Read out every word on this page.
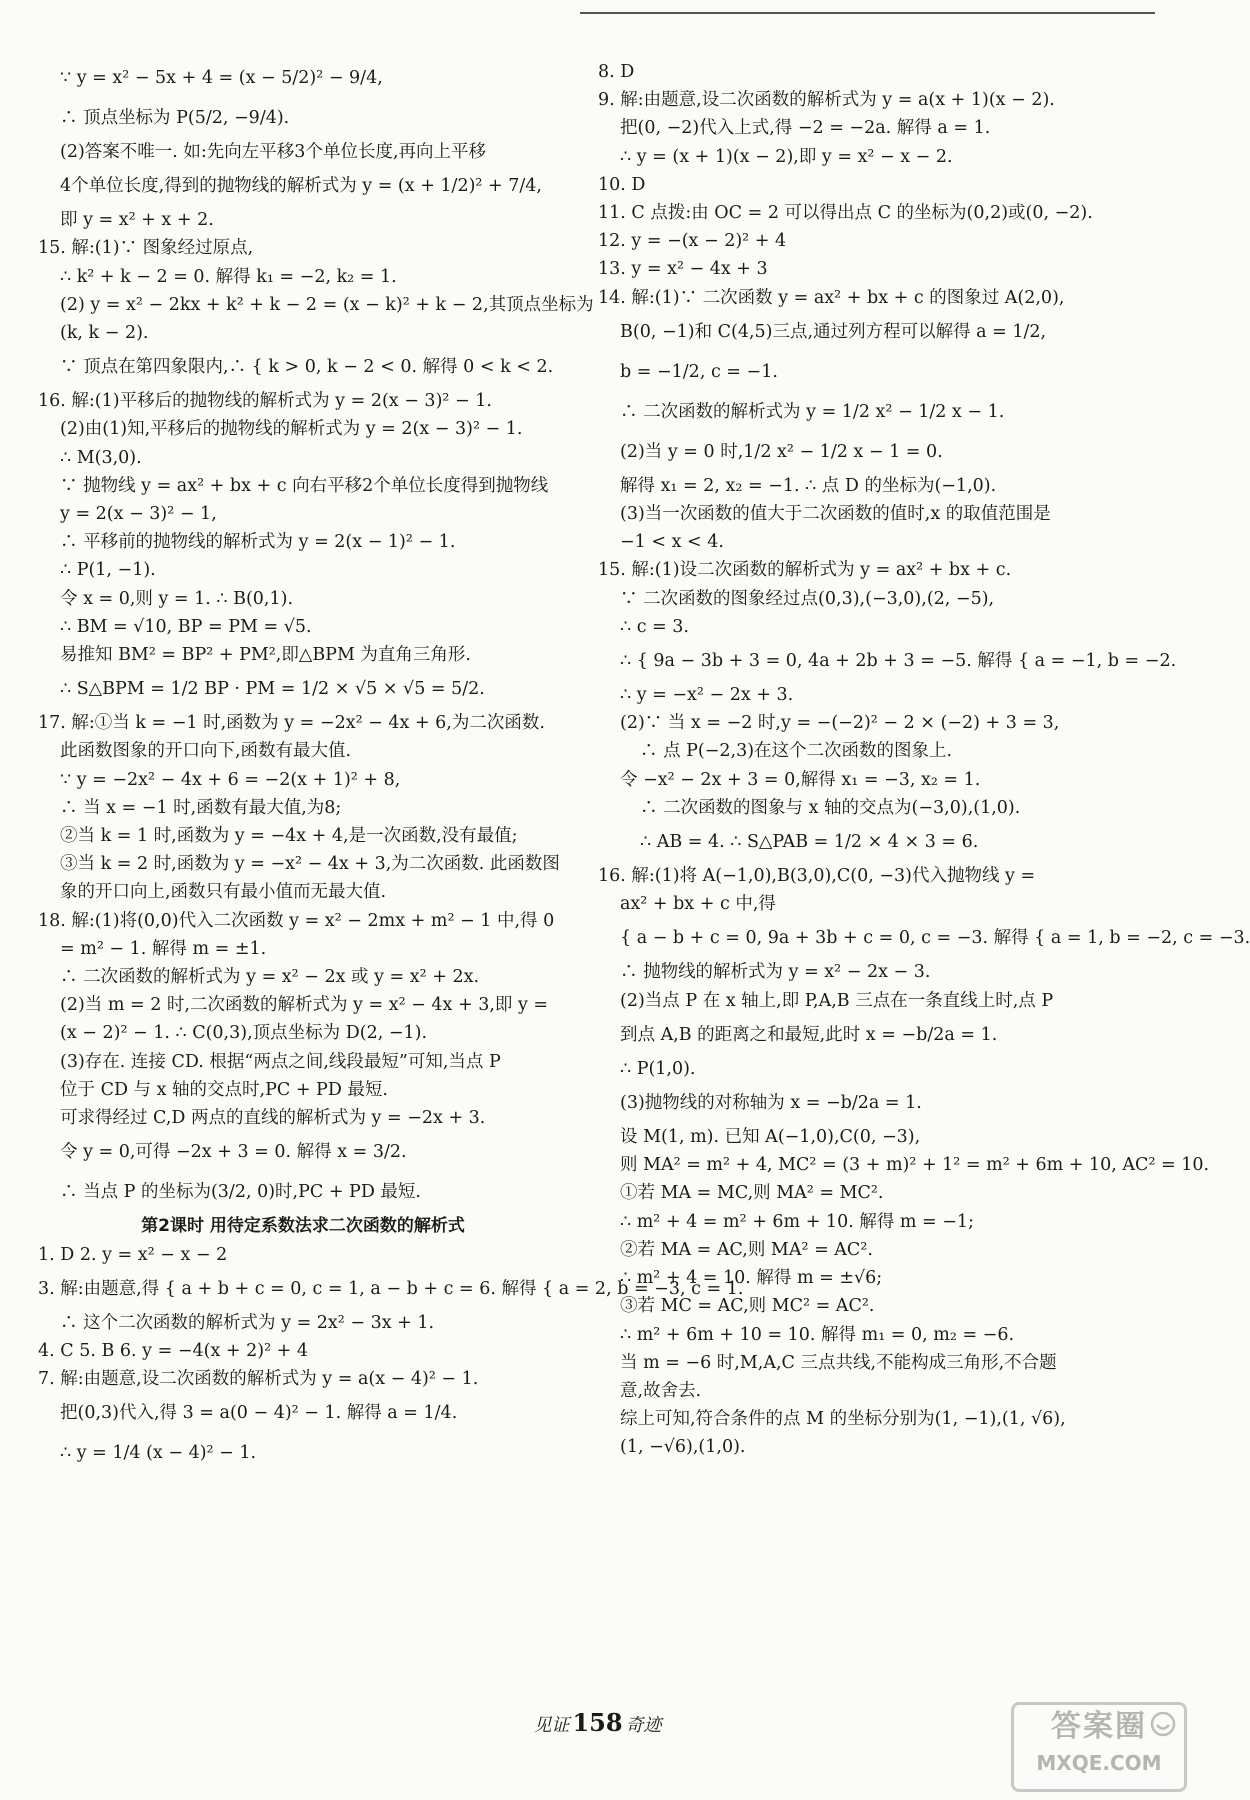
∵ y = x² − 5x + 4 = (x − 5/2)² − 9/4,
∴ 顶点坐标为 P(5/2, −9/4).
(2)答案不唯一. 如:先向左平移3个单位长度,再向上平移
4个单位长度,得到的抛物线的解析式为 y = (x + 1/2)² + 7/4,
即 y = x² + x + 2.
15. 解:(1)∵ 图象经过原点,
∴ k² + k − 2 = 0. 解得 k₁ = −2, k₂ = 1.
(2) y = x² − 2kx + k² + k − 2 = (x − k)² + k − 2,其顶点坐标为
(k, k − 2).
∵ 顶点在第四象限内,∴ { k > 0, k − 2 < 0. 解得 0 < k < 2.
16. 解:(1)平移后的抛物线的解析式为 y = 2(x − 3)² − 1.
(2)由(1)知,平移后的抛物线的解析式为 y = 2(x − 3)² − 1.
∴ M(3,0).
∵ 抛物线 y = ax² + bx + c 向右平移2个单位长度得到抛物线
y = 2(x − 3)² − 1,
∴ 平移前的抛物线的解析式为 y = 2(x − 1)² − 1.
∴ P(1, −1).
令 x = 0,则 y = 1. ∴ B(0,1).
∴ BM = √10, BP = PM = √5.
易推知 BM² = BP² + PM²,即△BPM 为直角三角形.
∴ S△BPM = 1/2 BP · PM = 1/2 × √5 × √5 = 5/2.
17. 解:①当 k = −1 时,函数为 y = −2x² − 4x + 6,为二次函数.
此函数图象的开口向下,函数有最大值.
∵ y = −2x² − 4x + 6 = −2(x + 1)² + 8,
∴ 当 x = −1 时,函数有最大值,为8;
②当 k = 1 时,函数为 y = −4x + 4,是一次函数,没有最值;
③当 k = 2 时,函数为 y = −x² − 4x + 3,为二次函数. 此函数图
象的开口向上,函数只有最小值而无最大值.
18. 解:(1)将(0,0)代入二次函数 y = x² − 2mx + m² − 1 中,得 0
= m² − 1. 解得 m = ±1.
∴ 二次函数的解析式为 y = x² − 2x 或 y = x² + 2x.
(2)当 m = 2 时,二次函数的解析式为 y = x² − 4x + 3,即 y =
(x − 2)² − 1. ∴ C(0,3),顶点坐标为 D(2, −1).
(3)存在. 连接 CD. 根据“两点之间,线段最短”可知,当点 P
位于 CD 与 x 轴的交点时,PC + PD 最短.
可求得经过 C,D 两点的直线的解析式为 y = −2x + 3.
令 y = 0,可得 −2x + 3 = 0. 解得 x = 3/2.
∴ 当点 P 的坐标为(3/2, 0)时,PC + PD 最短.
第2课时 用待定系数法求二次函数的解析式
1. D 2. y = x² − x − 2
3. 解:由题意,得 { a + b + c = 0, c = 1, a − b + c = 6. 解得 { a = 2, b = −3, c = 1.
∴ 这个二次函数的解析式为 y = 2x² − 3x + 1.
4. C 5. B 6. y = −4(x + 2)² + 4
7. 解:由题意,设二次函数的解析式为 y = a(x − 4)² − 1.
把(0,3)代入,得 3 = a(0 − 4)² − 1. 解得 a = 1/4.
∴ y = 1/4 (x − 4)² − 1.
8. D
9. 解:由题意,设二次函数的解析式为 y = a(x + 1)(x − 2).
把(0, −2)代入上式,得 −2 = −2a. 解得 a = 1.
∴ y = (x + 1)(x − 2),即 y = x² − x − 2.
10. D
11. C 点拨:由 OC = 2 可以得出点 C 的坐标为(0,2)或(0, −2).
12. y = −(x − 2)² + 4
13. y = x² − 4x + 3
14. 解:(1)∵ 二次函数 y = ax² + bx + c 的图象过 A(2,0),
B(0, −1)和 C(4,5)三点,通过列方程可以解得 a = 1/2,
b = −1/2, c = −1.
∴ 二次函数的解析式为 y = 1/2 x² − 1/2 x − 1.
(2)当 y = 0 时,1/2 x² − 1/2 x − 1 = 0.
解得 x₁ = 2, x₂ = −1. ∴ 点 D 的坐标为(−1,0).
(3)当一次函数的值大于二次函数的值时,x 的取值范围是
−1 < x < 4.
15. 解:(1)设二次函数的解析式为 y = ax² + bx + c.
∵ 二次函数的图象经过点(0,3),(−3,0),(2, −5),
∴ c = 3.
∴ { 9a − 3b + 3 = 0, 4a + 2b + 3 = −5. 解得 { a = −1, b = −2.
∴ y = −x² − 2x + 3.
(2)∵ 当 x = −2 时,y = −(−2)² − 2 × (−2) + 3 = 3,
∴ 点 P(−2,3)在这个二次函数的图象上.
令 −x² − 2x + 3 = 0,解得 x₁ = −3, x₂ = 1.
∴ 二次函数的图象与 x 轴的交点为(−3,0),(1,0).
∴ AB = 4. ∴ S△PAB = 1/2 × 4 × 3 = 6.
16. 解:(1)将 A(−1,0),B(3,0),C(0, −3)代入抛物线 y =
ax² + bx + c 中,得
{ a − b + c = 0, 9a + 3b + c = 0, c = −3. 解得 { a = 1, b = −2, c = −3.
∴ 抛物线的解析式为 y = x² − 2x − 3.
(2)当点 P 在 x 轴上,即 P,A,B 三点在一条直线上时,点 P
到点 A,B 的距离之和最短,此时 x = −b/2a = 1.
∴ P(1,0).
(3)抛物线的对称轴为 x = −b/2a = 1.
设 M(1, m). 已知 A(−1,0),C(0, −3),
则 MA² = m² + 4, MC² = (3 + m)² + 1² = m² + 6m + 10, AC² = 10.
①若 MA = MC,则 MA² = MC².
∴ m² + 4 = m² + 6m + 10. 解得 m = −1;
②若 MA = AC,则 MA² = AC².
∴ m² + 4 = 10. 解得 m = ±√6;
③若 MC = AC,则 MC² = AC².
∴ m² + 6m + 10 = 10. 解得 m₁ = 0, m₂ = −6.
当 m = −6 时,M,A,C 三点共线,不能构成三角形,不合题
意,故舍去.
综上可知,符合条件的点 M 的坐标分别为(1, −1),(1, √6),
(1, −√6),(1,0).
见证 158 奇迹	答案圈
MXQE.COM
